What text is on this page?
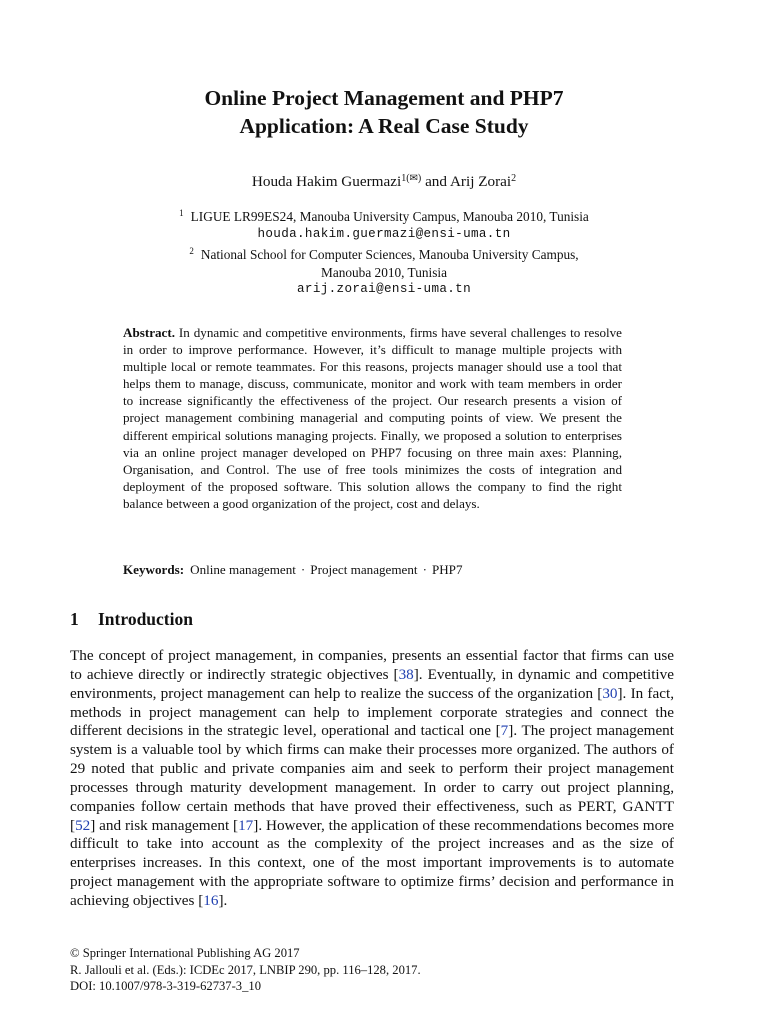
Online Project Management and PHP7
Application: A Real Case Study
Houda Hakim Guermazi$^{1(✉)}$ and Arij Zorai$^2$
$^1$ LIGUE LR99ES24, Manouba University Campus, Manouba 2010, Tunisia
houda.hakim.guermazi@ensi-uma.tn
$^2$ National School for Computer Sciences, Manouba University Campus,
Manouba 2010, Tunisia
arij.zorai@ensi-uma.tn

Abstract. In dynamic and competitive environments, firms have several challenges to resolve in order to improve performance. However, it’s difficult to manage multiple projects with multiple local or remote teammates. For this reasons, projects manager should use a tool that helps them to manage, discuss, communicate, monitor and work with team members in order to increase significantly the effectiveness of the project. Our research presents a vision of project management combining managerial and computing points of view. We present the different empirical solutions managing projects. Finally, we proposed a solution to enterprises via an online project manager developed on PHP7 focusing on three main axes: Planning, Organisation, and Control. The use of free tools minimizes the costs of integration and deployment of the proposed software. This solution allows the company to find the right balance between a good organization of the project, cost and delays.

Keywords: Online management · Project management · PHP7
1 Introduction

The concept of project management, in companies, presents an essential factor that firms can use to achieve directly or indirectly strategic objectives [38]. Eventually, in dynamic and competitive environments, project management can help to realize the success of the organization [30]. In fact, methods in project management can help to implement corporate strategies and connect the different decisions in the strategic level, operational and tactical one [7]. The project management system is a valuable tool by which firms can make their processes more organized. The authors of 29 noted that public and private companies aim and seek to perform their project management processes through maturity development management. In order to carry out project planning, companies follow certain methods that have proved their effectiveness, such as PERT, GANTT [52] and risk management [17]. However, the application of these recommendations becomes more difficult to take into account as the complexity of the project increases and as the size of enterprises increases. In this context, one of the most important improvements is to automate project management with the appropriate software to optimize firms’ decision and performance in achieving objectives [16].

© Springer International Publishing AG 2017
R. Jallouli et al. (Eds.): ICDEc 2017, LNBIP 290, pp. 116–128, 2017.
DOI: 10.1007/978-3-319-62737-3_10
